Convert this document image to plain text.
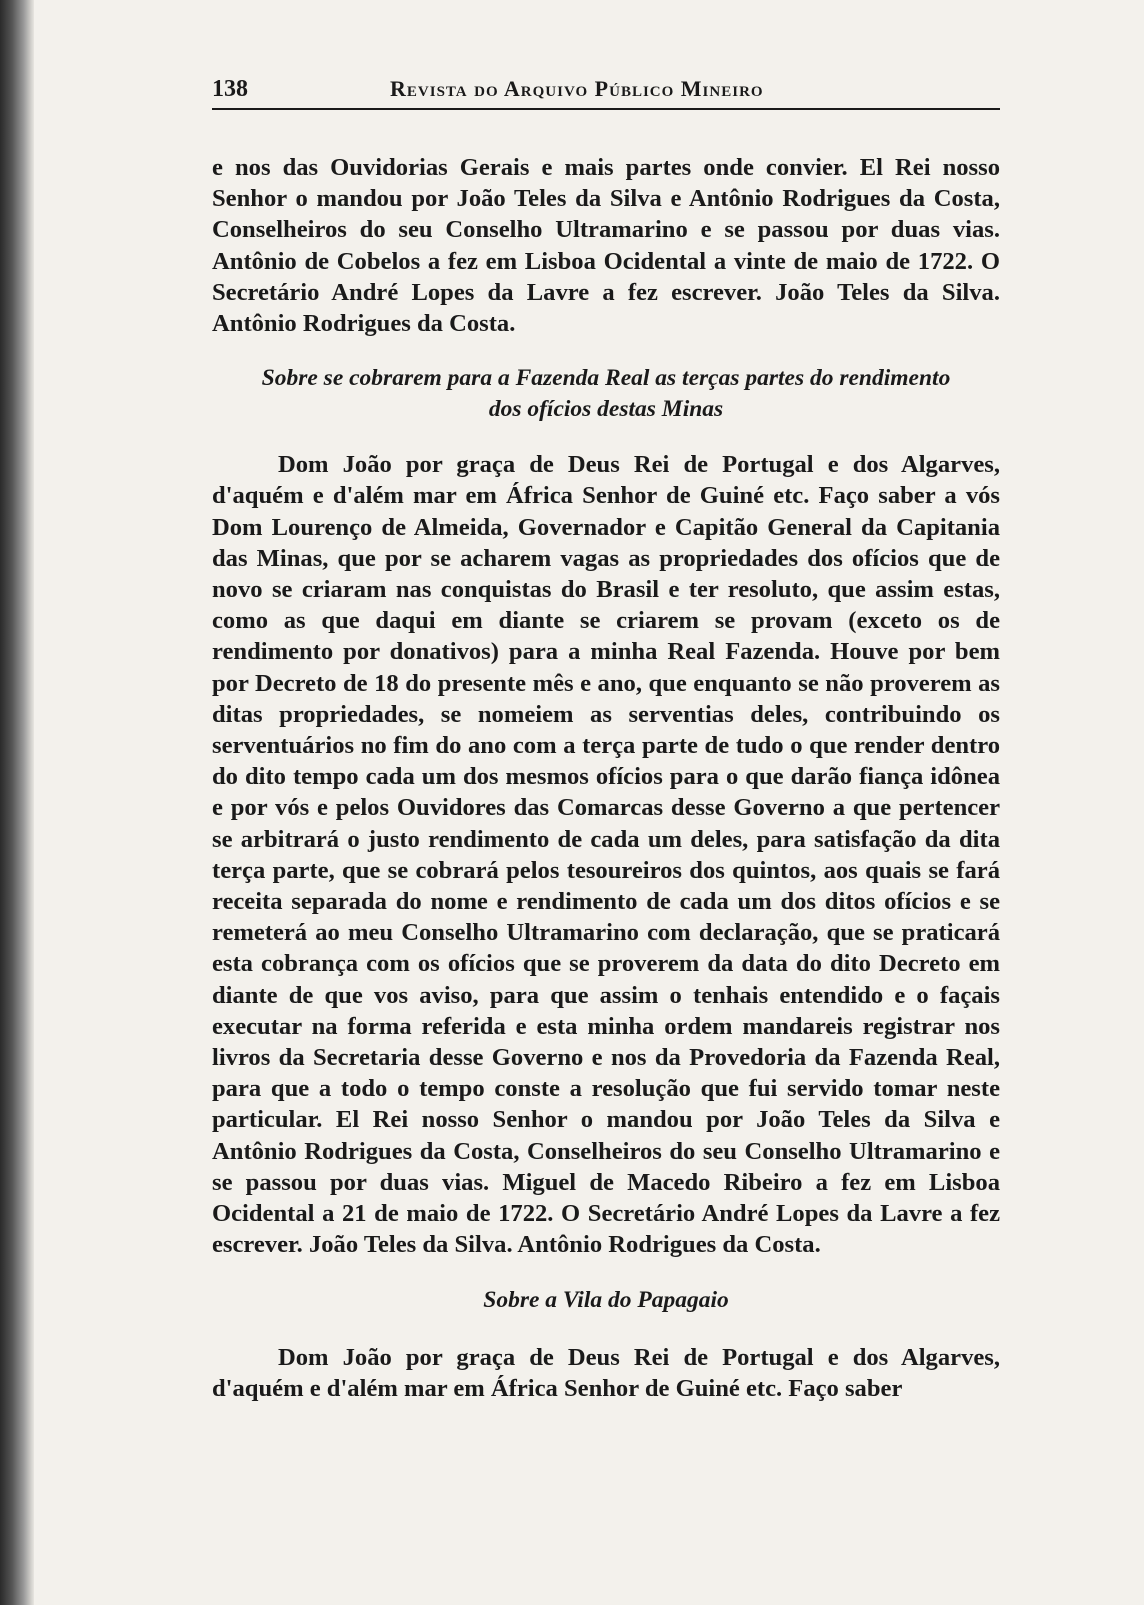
138	Revista do Arquivo Público Mineiro

e nos das Ouvidorias Gerais e mais partes onde convier. El Rei nosso Senhor o mandou por João Teles da Silva e Antônio Rodrigues da Costa, Conselheiros do seu Conselho Ultramarino e se passou por duas vias. Antônio de Cobelos a fez em Lisboa Ocidental a vinte de maio de 1722. O Secretário André Lopes da Lavre a fez escrever. João Teles da Silva. Antônio Rodrigues da Costa.

Sobre se cobrarem para a Fazenda Real as terças partes do rendimento dos ofícios destas Minas

Dom João por graça de Deus Rei de Portugal e dos Algarves, d'aquém e d'além mar em África Senhor de Guiné etc. Faço saber a vós Dom Lourenço de Almeida, Governador e Capitão General da Capitania das Minas, que por se acharem vagas as propriedades dos ofícios que de novo se criaram nas conquistas do Brasil e ter resoluto, que assim estas, como as que daqui em diante se criarem se provam (exceto os de rendimento por donativos) para a minha Real Fazenda. Houve por bem por Decreto de 18 do presente mês e ano, que enquanto se não proverem as ditas propriedades, se nomeiem as serventias deles, contribuindo os serventuários no fim do ano com a terça parte de tudo o que render dentro do dito tempo cada um dos mesmos ofícios para o que darão fiança idônea e por vós e pelos Ouvidores das Comarcas desse Governo a que pertencer se arbitrará o justo rendimento de cada um deles, para satisfação da dita terça parte, que se cobrará pelos tesoureiros dos quintos, aos quais se fará receita separada do nome e rendimento de cada um dos ditos ofícios e se remeterá ao meu Conselho Ultramarino com declaração, que se praticará esta cobrança com os ofícios que se proverem da data do dito Decreto em diante de que vos aviso, para que assim o tenhais entendido e o façais executar na forma referida e esta minha ordem mandareis registrar nos livros da Secretaria desse Governo e nos da Provedoria da Fazenda Real, para que a todo o tempo conste a resolução que fui servido tomar neste particular. El Rei nosso Senhor o mandou por João Teles da Silva e Antônio Rodrigues da Costa, Conselheiros do seu Conselho Ultramarino e se passou por duas vias. Miguel de Macedo Ribeiro a fez em Lisboa Ocidental a 21 de maio de 1722. O Secretário André Lopes da Lavre a fez escrever. João Teles da Silva. Antônio Rodrigues da Costa.

Sobre a Vila do Papagaio

Dom João por graça de Deus Rei de Portugal e dos Algarves, d'aquém e d'além mar em África Senhor de Guiné etc. Faço saber
